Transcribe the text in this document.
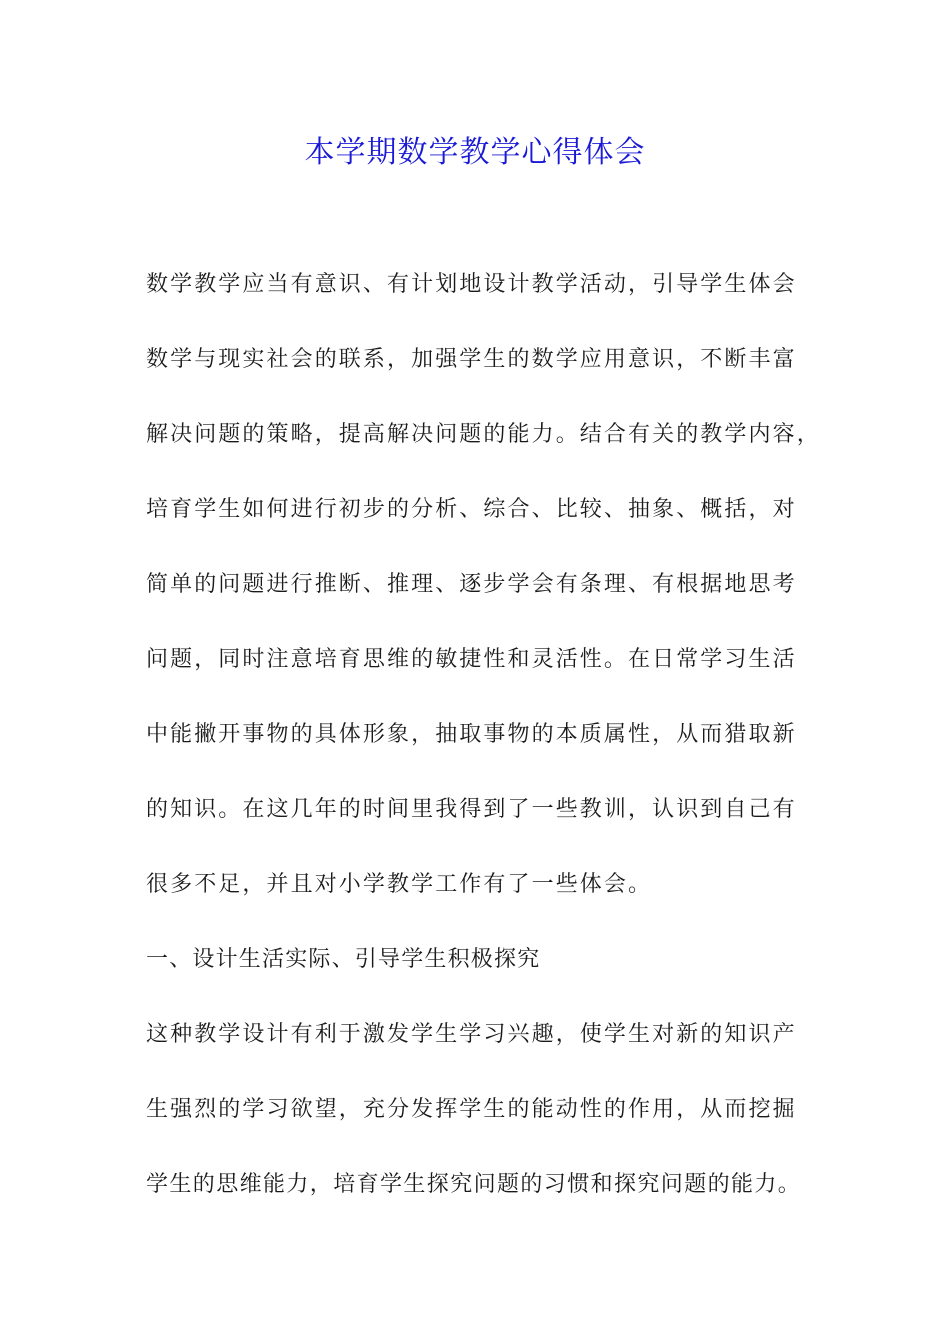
本学期数学教学心得体会
数学教学应当有意识、有计划地设计教学活动，引导学生体会
数学与现实社会的联系，加强学生的数学应用意识，不断丰富
解决问题的策略，提高解决问题的能力。结合有关的教学内容，
培育学生如何进行初步的分析、综合、比较、抽象、概括，对
简单的问题进行推断、推理、逐步学会有条理、有根据地思考
问题，同时注意培育思维的敏捷性和灵活性。在日常学习生活
中能撇开事物的具体形象，抽取事物的本质属性，从而猎取新
的知识。在这几年的时间里我得到了一些教训，认识到自己有
很多不足，并且对小学教学工作有了一些体会。
一、设计生活实际、引导学生积极探究
这种教学设计有利于激发学生学习兴趣，使学生对新的知识产
生强烈的学习欲望，充分发挥学生的能动性的作用，从而挖掘
学生的思维能力，培育学生探究问题的习惯和探究问题的能力。
